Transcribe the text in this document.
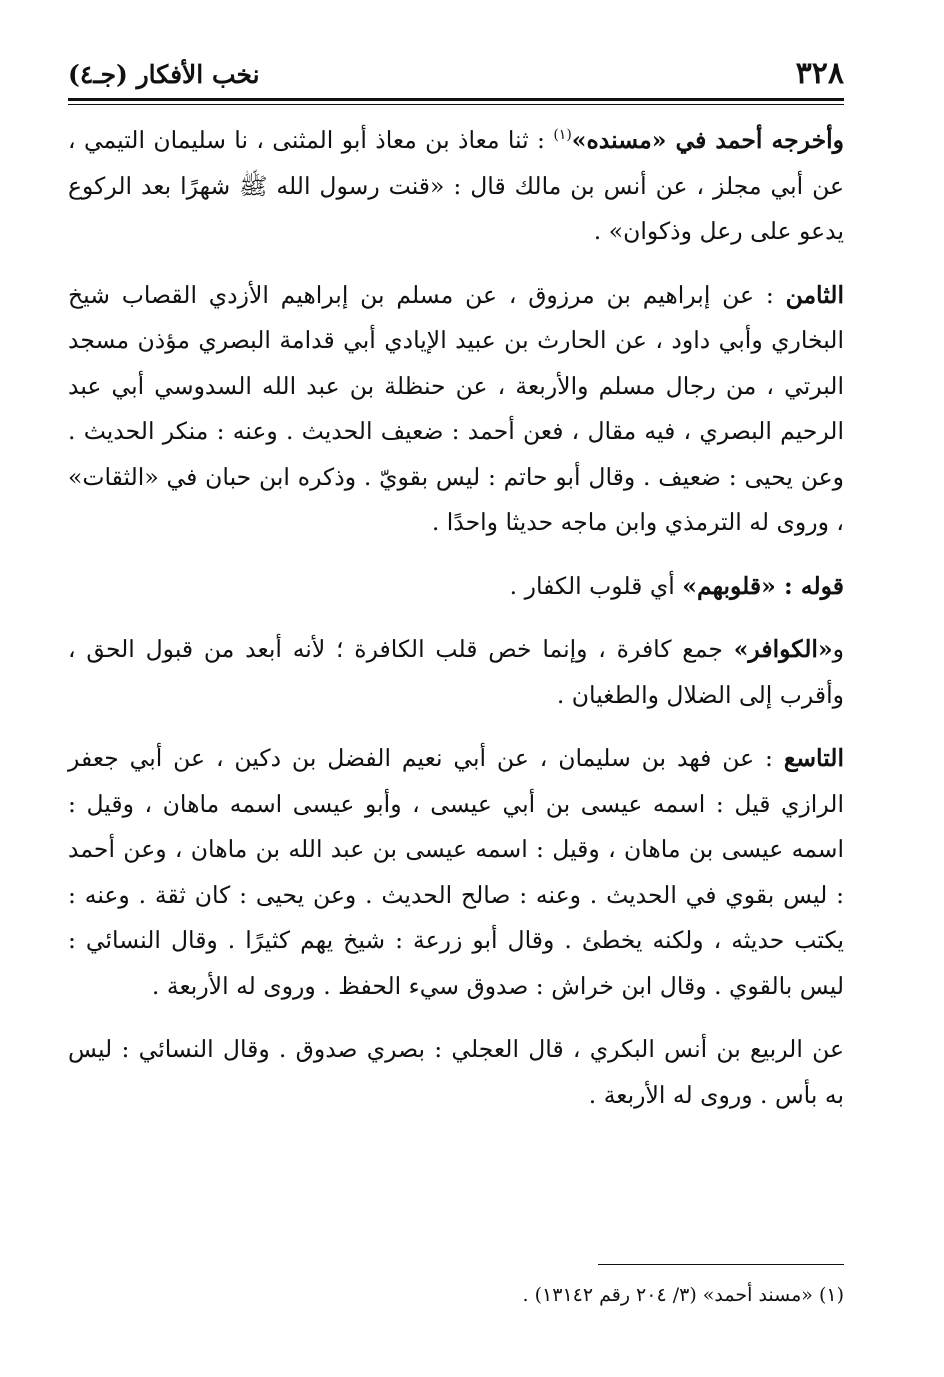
٣٢٨
نخب الأفكار (جـ٤)

وأخرجه أحمد في «مسنده»$^{(١)}$ : ثنا معاذ بن معاذ أبو المثنى ، نا سليمان التيمي ، عن أبي مجلز ، عن أنس بن مالك قال : «قنت رسول الله ﷺ شهرًا بعد الركوع يدعو على رعل وذكوان» .

الثامن : عن إبراهيم بن مرزوق ، عن مسلم بن إبراهيم الأزدي القصاب شيخ البخاري وأبي داود ، عن الحارث بن عبيد الإيادي أبي قدامة البصري مؤذن مسجد البرتي ، من رجال مسلم والأربعة ، عن حنظلة بن عبد الله السدوسي أبي عبد الرحيم البصري ، فيه مقال ، فعن أحمد : ضعيف الحديث . وعنه : منكر الحديث . وعن يحيى : ضعيف . وقال أبو حاتم : ليس بقويّ . وذكره ابن حبان في «الثقات» ، وروى له الترمذي وابن ماجه حديثا واحدًا .

قوله : «قلوبهم» أي قلوب الكفار .

و«الكوافر» جمع كافرة ، وإنما خص قلب الكافرة ؛ لأنه أبعد من قبول الحق ، وأقرب إلى الضلال والطغيان .

التاسع : عن فهد بن سليمان ، عن أبي نعيم الفضل بن دكين ، عن أبي جعفر الرازي قيل : اسمه عيسى بن أبي عيسى ، وأبو عيسى اسمه ماهان ، وقيل : اسمه عيسى بن ماهان ، وقيل : اسمه عيسى بن عبد الله بن ماهان ، وعن أحمد : ليس بقوي في الحديث . وعنه : صالح الحديث . وعن يحيى : كان ثقة . وعنه : يكتب حديثه ، ولكنه يخطئ . وقال أبو زرعة : شيخ يهم كثيرًا . وقال النسائي : ليس بالقوي . وقال ابن خراش : صدوق سيء الحفظ . وروى له الأربعة .

عن الربيع بن أنس البكري ، قال العجلي : بصري صدوق . وقال النسائي : ليس به بأس . وروى له الأربعة .

(١) «مسند أحمد» (٣/ ٢٠٤ رقم ١٣١٤٢) .
